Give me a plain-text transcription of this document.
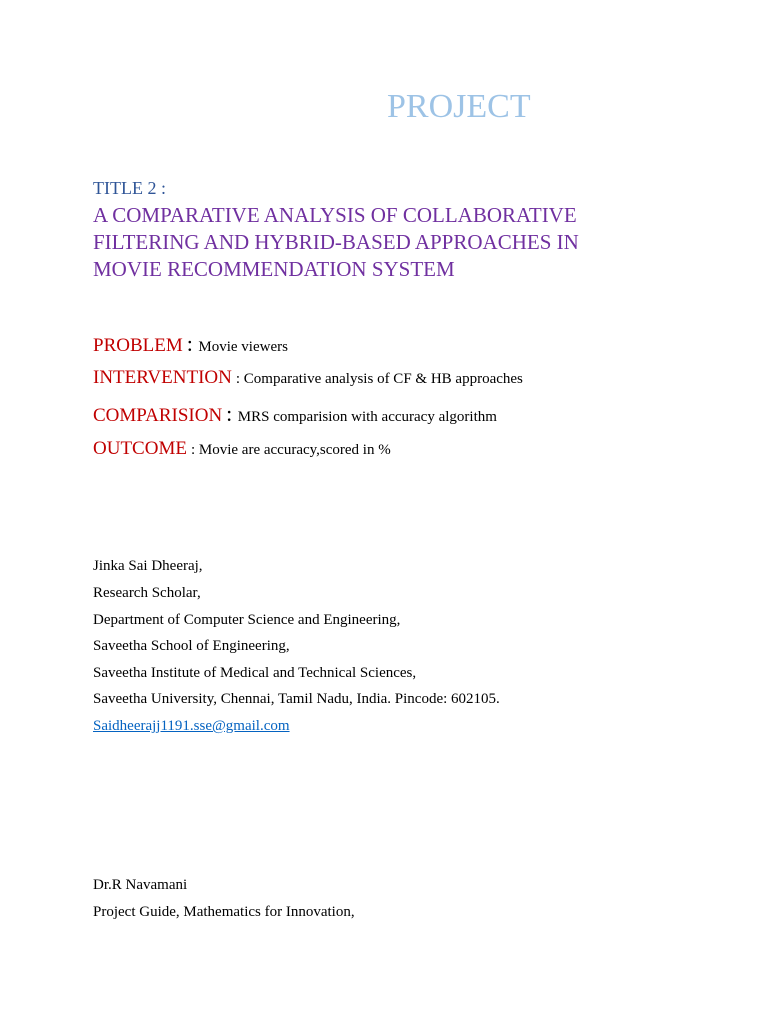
PROJECT
TITLE 2 :
A COMPARATIVE ANALYSIS OF COLLABORATIVE
FILTERING AND HYBRID-BASED APPROACHES IN
MOVIE RECOMMENDATION SYSTEM
PROBLEM : Movie viewers
INTERVENTION : Comparative analysis of CF & HB approaches
COMPARISION : MRS comparision with accuracy algorithm
OUTCOME : Movie are accuracy,scored in %
Jinka Sai Dheeraj,
Research Scholar,
Department of Computer Science and Engineering,
Saveetha School of Engineering,
Saveetha Institute of Medical and Technical Sciences,
Saveetha University, Chennai, Tamil Nadu, India. Pincode: 602105.
Saidheerajj1191.sse@gmail.com
Dr.R Navamani
Project Guide, Mathematics for Innovation,
